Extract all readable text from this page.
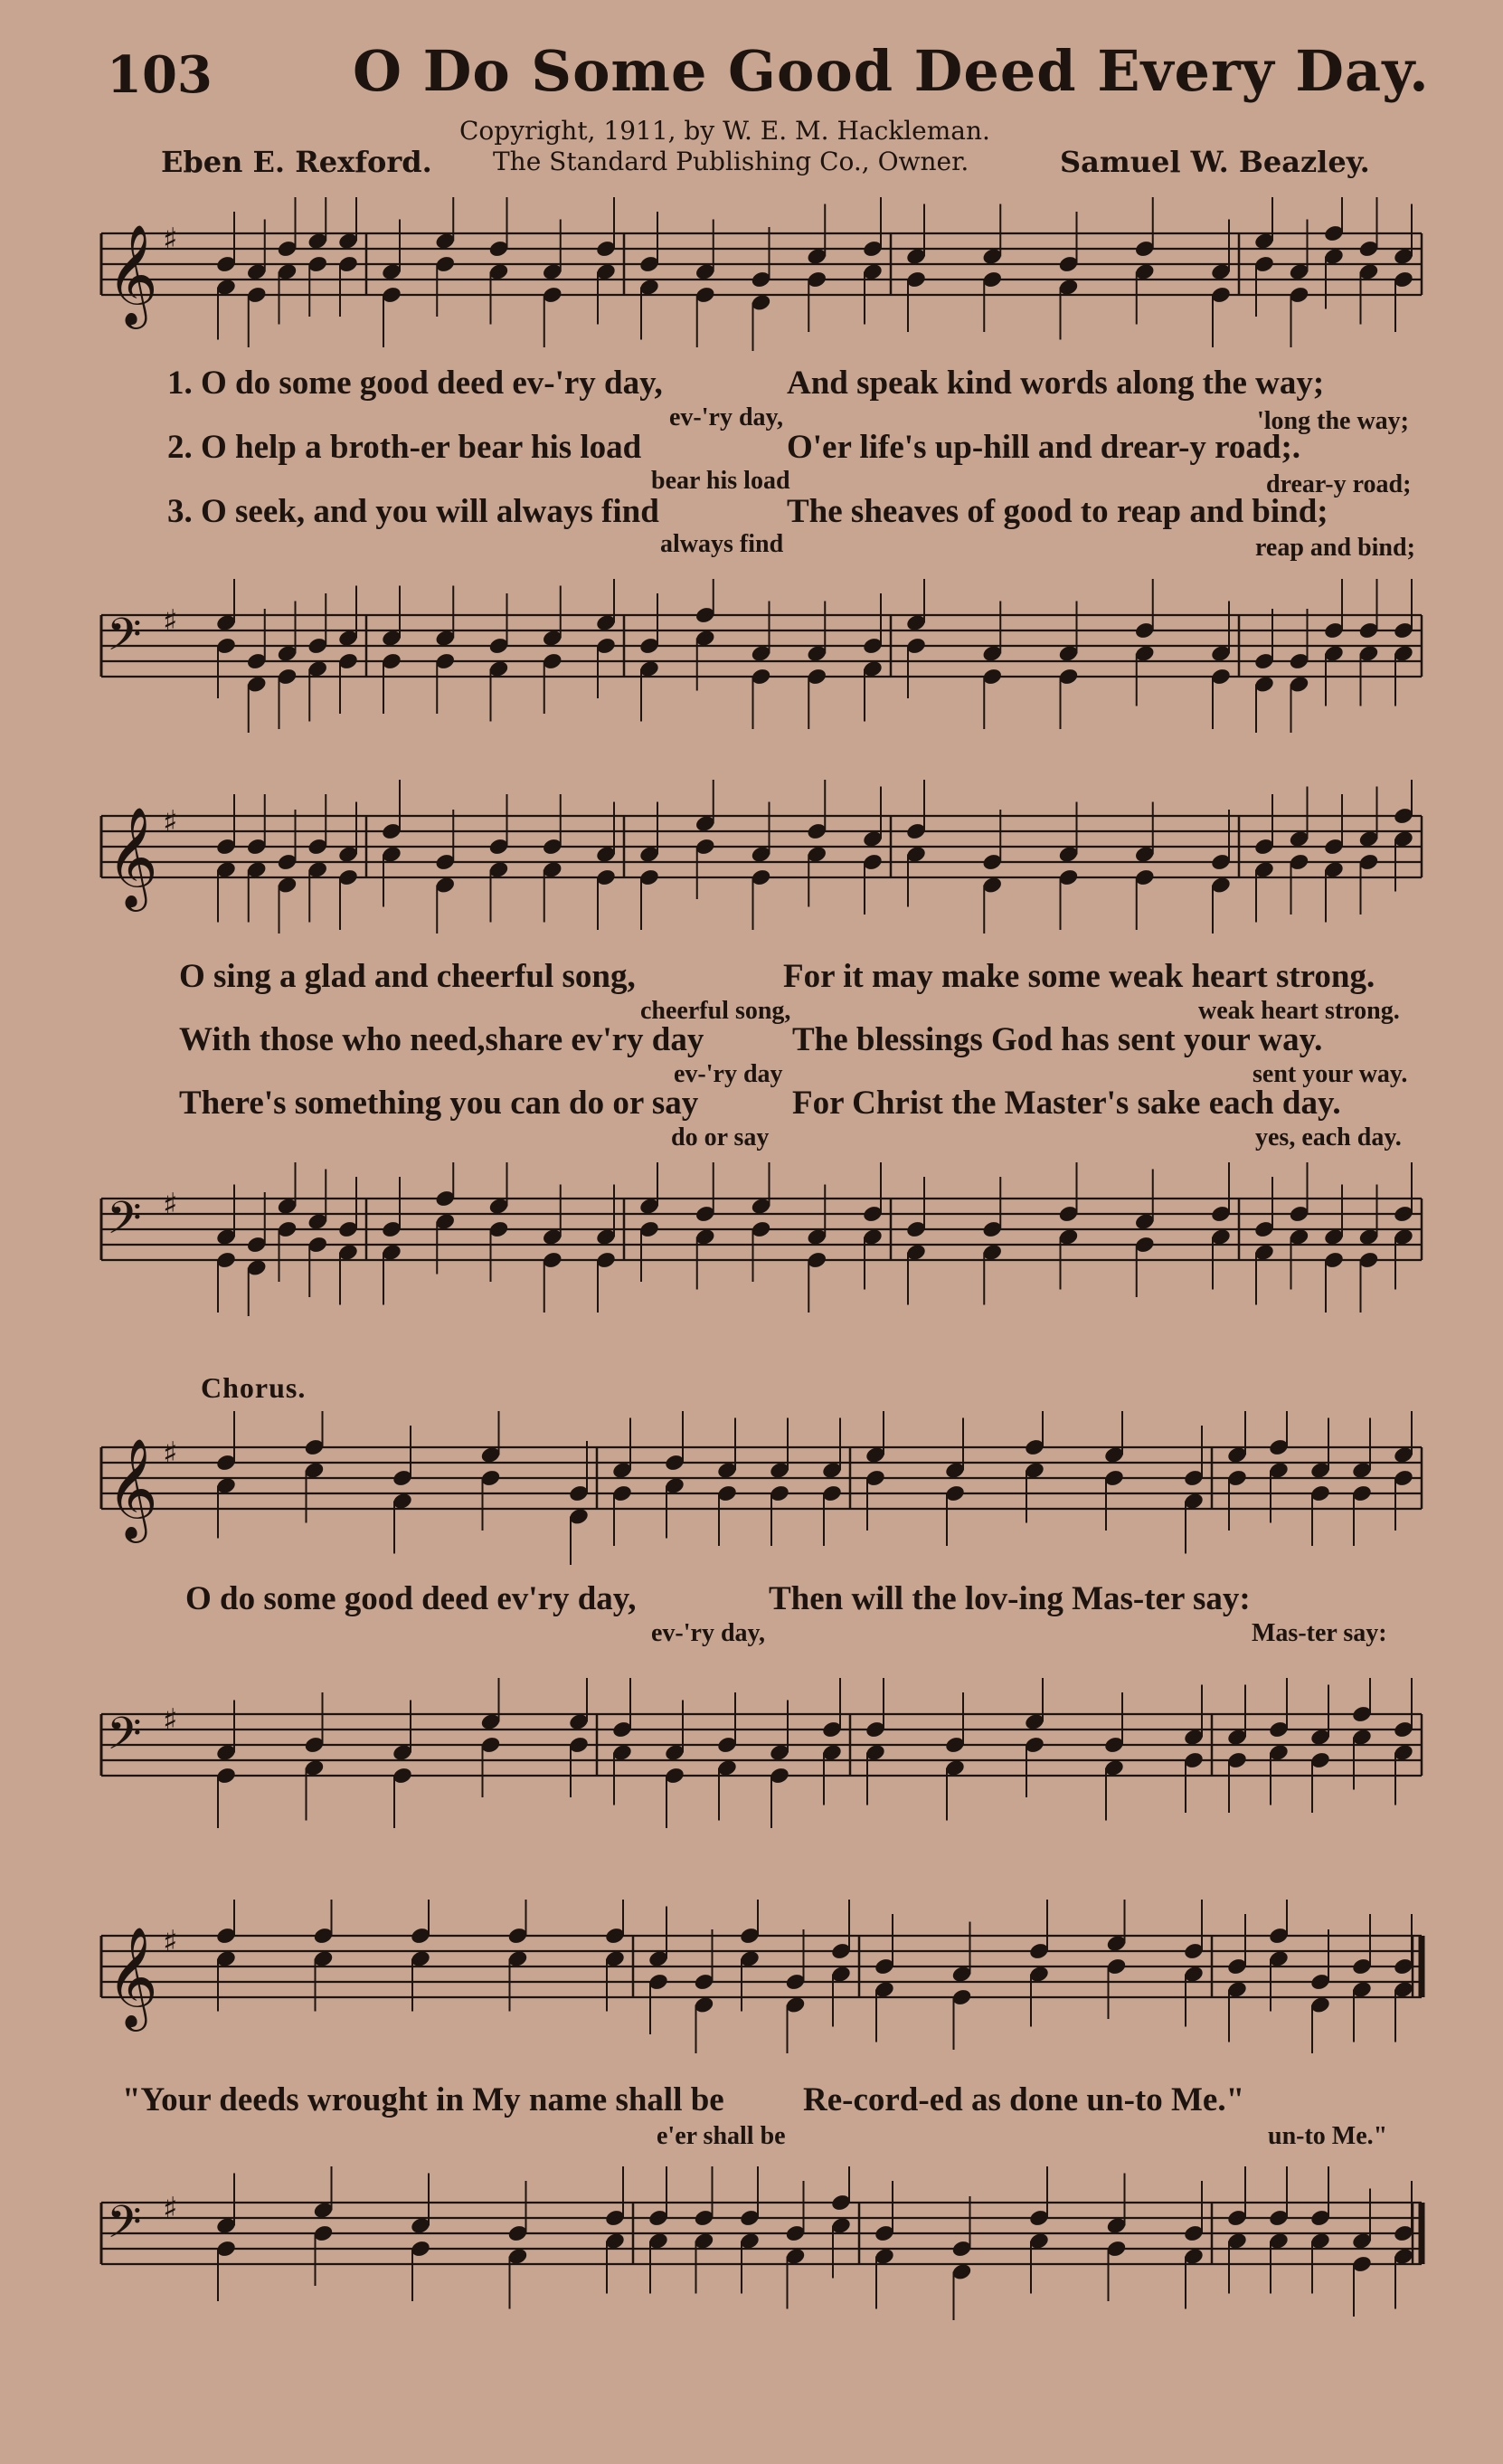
103	O Do Some Good Deed Every Day.
Copyright, 1911, by W. E. M. Hackleman.
Eben E. Rexford. The Standard Publishing Co., Owner.	Samuel W. Beazley.
𝄞 ♯
𝄢 ♯
𝄞 ♯
𝄢 ♯
𝄞 ♯
𝄢 ♯
𝄞 ♯
𝄢 ♯
1. O do some good deed ev-'ry day,	And speak kind words along the way;
ev-'ry day,	'long the way;
2. O help a broth-er bear his load	O'er life's up-hill and drear-y road;.
bear his load	drear-y road;
3. O seek, and you will always find	The sheaves of good to reap and bind;
always find	reap and bind;
O sing a glad and cheerful song,	For it may make some weak heart strong.
cheerful song,	weak heart strong.
With those who need,share ev'ry day	The blessings God has sent your way.
ev-'ry day	sent your way.
There's something you can do or say	For Christ the Master's sake each day.
do or say	yes, each day.
Chorus.
O do some good deed ev'ry day,	Then will the lov-ing Mas-ter say:
ev-'ry day,	Mas-ter say:
"Your deeds wrought in My name shall be Re-cord-ed as done un-to Me."
e'er shall be	un-to Me."
